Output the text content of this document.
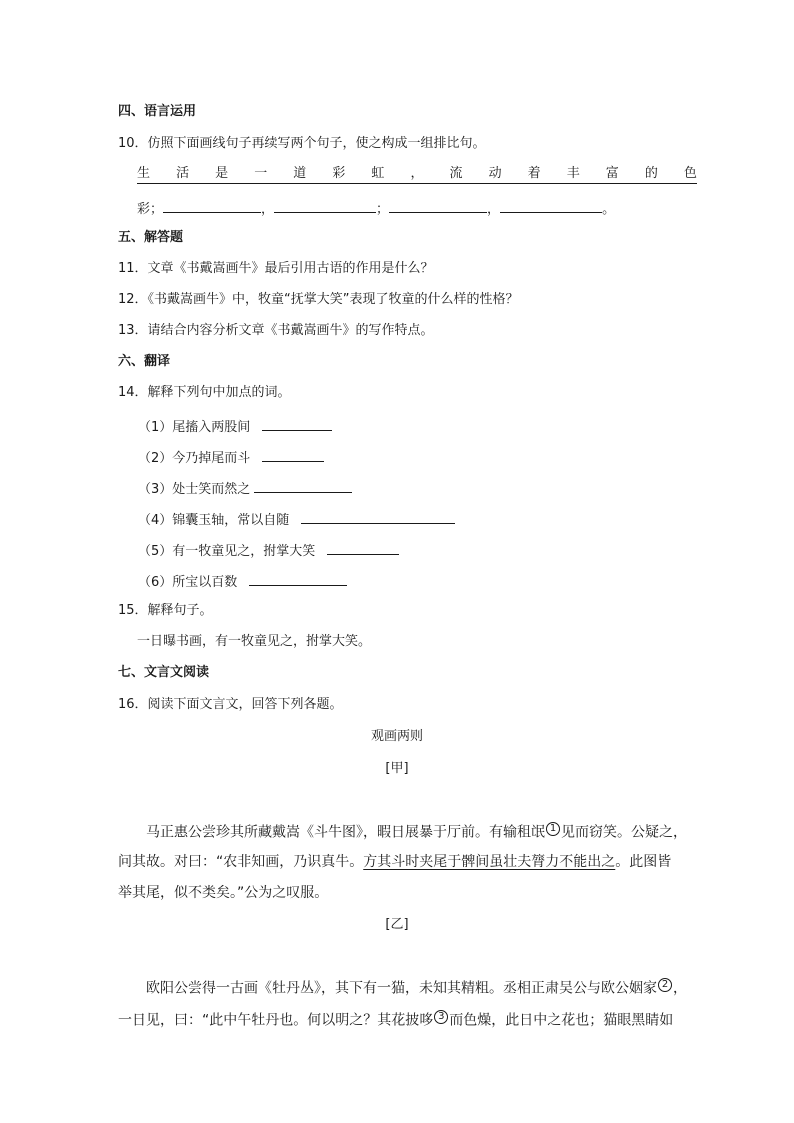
四、语言运用
10．仿照下面画线句子再续写两个句子，使之构成一组排比句。
生 活 是 一 道 彩 虹 ， 流 动 着 丰 富 的 色
彩；	，	；	，	。
五、解答题
11．文章《书戴嵩画牛》最后引用古语的作用是什么？
12．《书戴嵩画牛》中，牧童“抚掌大笑”表现了牧童的什么样的性格？
13．请结合内容分析文章《书戴嵩画牛》的写作特点。
六、翻译
14．解释下列句中加点的词。
（1）尾搐入两股间
（2）今乃掉尾而斗
（3）处士笑而然之
（4）锦囊玉轴，常以自随
（5）有一牧童见之，拊掌大笑
（6）所宝以百数
15．解释句子。
一日曝书画，有一牧童见之，拊掌大笑。
七、文言文阅读
16．阅读下面文言文，回答下列各题。
观画两则
[甲]
马正惠公尝珍其所藏戴嵩《斗牛图》，暇日展暴于厅前。有输租氓 $^1$ 见而窃笑。公疑之，
问其故。对曰：“农非知画，乃识真牛。方其斗时夹尾于髀间虽壮夫膂力不能出之。此图皆
举其尾，似不类矣。”公为之叹服。
[乙]
欧阳公尝得一古画《牡丹丛》，其下有一猫，未知其精粗。丞相正肃吴公与欧公姻家 $^2$ ，
一日见，曰：“此中午牡丹也。何以明之？其花披哆 $^3$ 而色燥，此日中之花也；猫眼黑睛如
